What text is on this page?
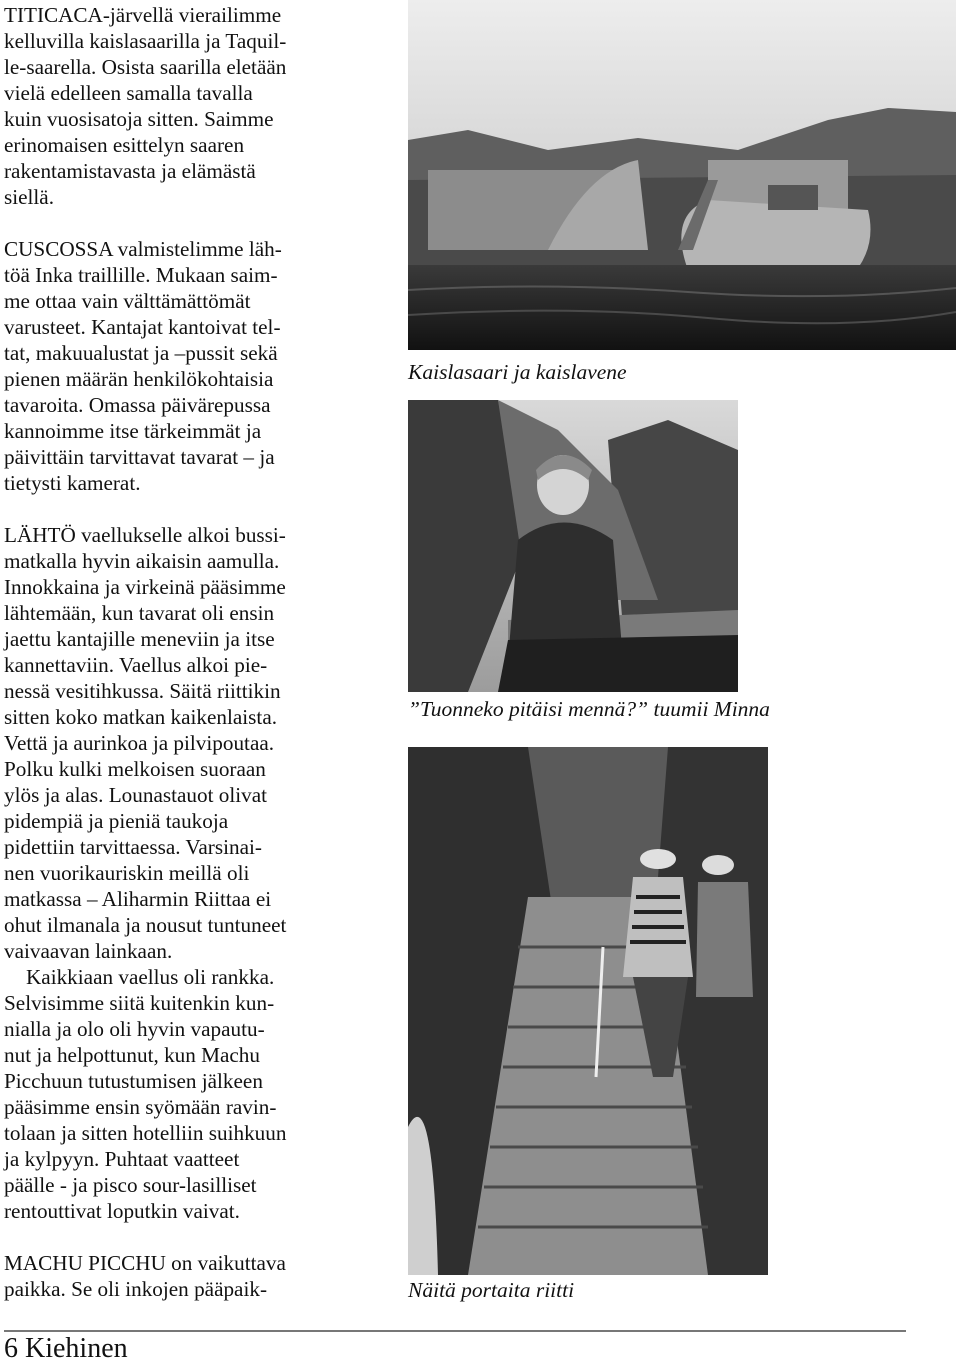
TITICACA-järvellä vierailimme
kelluvilla kaislasaarilla ja Taquil-
le-saarella. Osista saarilla eletään
vielä edelleen samalla tavalla
kuin vuosisatoja sitten. Saimme
erinomaisen esittelyn saaren
rakentamistavasta ja elämästä
siellä.

CUSCOSSA valmistelimme läh-
töä Inka traillille. Mukaan saim-
me ottaa vain välttämättömät
varusteet. Kantajat kantoivat tel-
tat, makuualustat ja –pussit sekä
pienen määrän henkilökohtaisia
tavaroita. Omassa päivärepussa
kannoimme itse tärkeimmät ja
päivittäin tarvittavat tavarat – ja
tietysti kamerat.

LÄHTÖ vaellukselle alkoi bussi-
matkalla hyvin aikaisin aamulla.
Innokkaina ja virkeinä pääsimme
lähtemään, kun tavarat oli ensin
jaettu kantajille meneviin ja itse
kannettaviin. Vaellus alkoi pie-
nessä vesitihkussa. Säitä riittikin
sitten koko matkan kaikenlaista.
Vettä ja aurinkoa ja pilvipoutaa.
Polku kulki melkoisen suoraan
ylös ja alas. Lounastauot olivat
pidempiä ja pieniä taukoja
pidettiin tarvittaessa. Varsinai-
nen vuorikauriskin meillä oli
matkassa – Aliharmin Riittaa ei
ohut ilmanala ja nousut tuntuneet
vaivaavan lainkaan.

Kaikkiaan vaellus oli rankka.
Selvisimme siitä kuitenkin kun-
nialla ja olo oli hyvin vapautu-
nut ja helpottunut, kun Machu
Picchuun tutustumisen jälkeen
pääsimme ensin syömään ravin-
tolaan ja sitten hotelliin suihkuun
ja kylpyyn. Puhtaat vaatteet
päälle - ja pisco sour-lasilliset
rentouttivat loputkin vaivat.

MACHU PICCHU on vaikuttava
paikka. Se oli inkojen pääpaik-

Kaislasaari ja kaislavene
”Tuonneko pitäisi mennä?” tuumii Minna
Näitä portaita riitti
6 Kiehinen
